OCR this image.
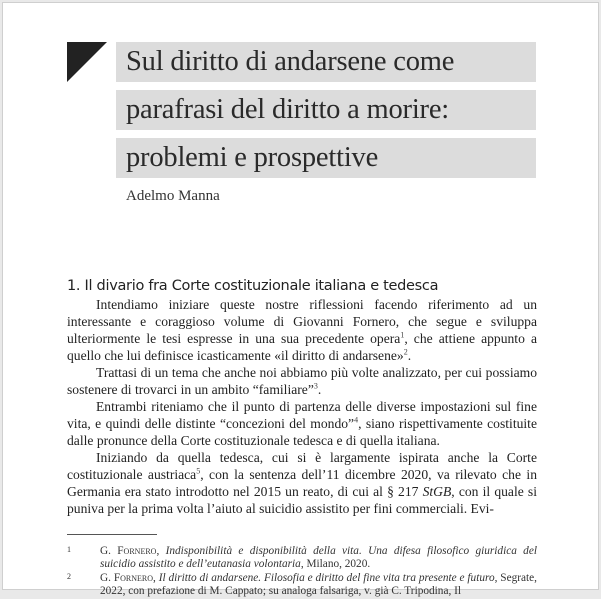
Sul diritto di andarsene come
parafrasi del diritto a morire:
problemi e prospettive
Adelmo Manna
1. Il divario fra Corte costituzionale italiana e tedesca

Intendiamo iniziare queste nostre riflessioni facendo riferimento ad un interessante e coraggioso volume di Giovanni Fornero, che segue e sviluppa ulteriormente le tesi espresse in una sua precedente opera$^1$, che attiene appunto a quello che lui definisce icasticamente «il diritto di andarsene»$^2$.

Trattasi di un tema che anche noi abbiamo più volte analizzato, per cui possiamo sostenere di trovarci in un ambito “familiare”$^3$.

Entrambi riteniamo che il punto di partenza delle diverse impostazioni sul fine vita, e quindi delle distinte “concezioni del mondo”$^4$, siano rispettivamente costituite dalle pronunce della Corte costituzionale tedesca e di quella italiana.

Iniziando da quella tedesca, cui si è largamente ispirata anche la Corte costituzionale austriaca$^5$, con la sentenza dell’11 dicembre 2020, va rilevato che in Germania era stato introdotto nel 2015 un reato, di cui al § 217 StGB, con il quale si puniva per la prima volta l’aiuto al suicidio assistito per fini commerciali. Evi-

1	G. Fornero, Indisponibilità e disponibilità della vita. Una difesa filosofico giuridica del suicidio assistito e dell’eutanasia volontaria, Milano, 2020.
2	G. Fornero, Il diritto di andarsene. Filosofia e diritto del fine vita tra presente e futuro, Segrate, 2022, con prefazione di M. Cappato; su analoga falsariga, v. già C. Tripodina, Il
